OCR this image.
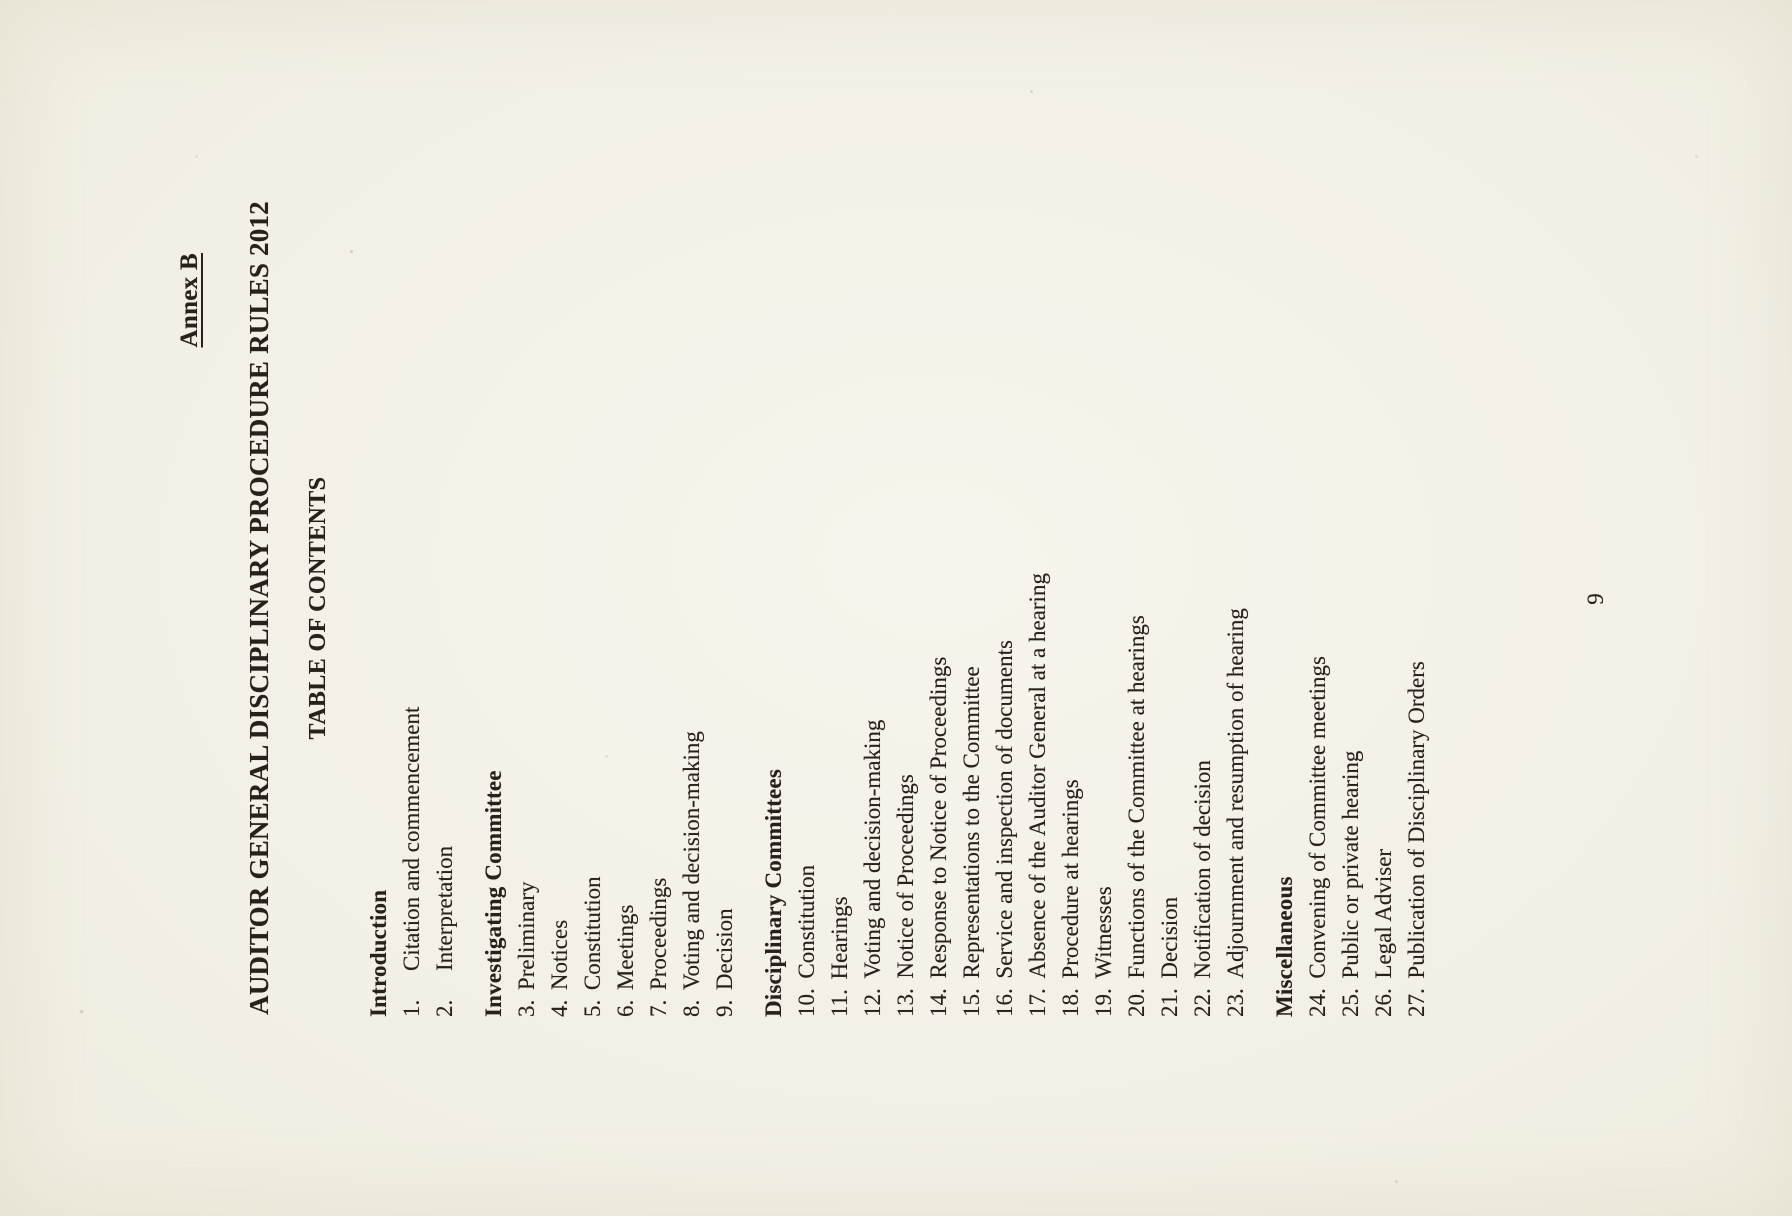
Annex B AUDITOR GENERAL DISCIPLINARY PROCEDURE RULES 2012 TABLE OF CONTENTS
Introduction 1.Citation and commencement
2.Interpretation Investigating Committee 3.Preliminary
4.Notices
5.Constitution
6.Meetings
7.Proceedings
8.Voting and decision-making
9.Decision Disciplinary Committees 10.Constitution
11.Hearings
12.Voting and decision-making
13.Notice of Proceedings
14.Response to Notice of Proceedings
15.Representations to the Committee
16.Service and inspection of documents
17.Absence of the Auditor General at a hearing
18.Procedure at hearings
19.Witnesses
20.Functions of the Committee at hearings
21.Decision
22.Notification of decision
23.Adjournment and resumption of hearing Miscellaneous 24.Convening of Committee meetings
25.Public or private hearing
26.Legal Adviser
27.Publication of Disciplinary Orders
9
